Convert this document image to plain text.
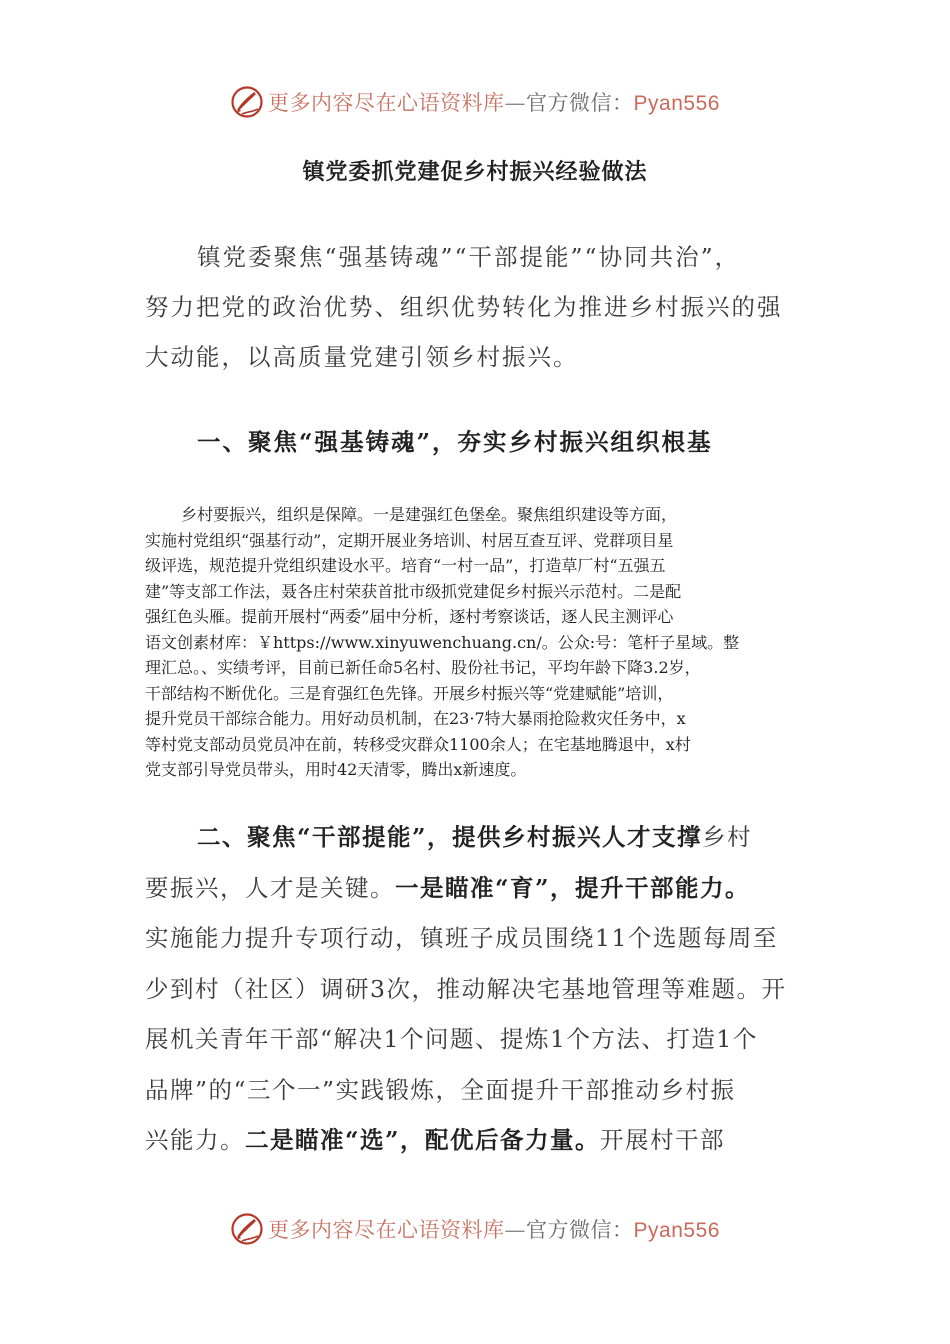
更多内容尽在心语资料库—官方微信：Pyan556
镇党委抓党建促乡村振兴经验做法

镇党委聚焦“强基铸魂”“干部提能”“协同共治”，
努力把党的政治优势、组织优势转化为推进乡村振兴的强
大动能，以高质量党建引领乡村振兴。

一、聚焦“强基铸魂”，夯实乡村振兴组织根基

乡村要振兴，组织是保障。一是建强红色堡垒。聚焦组织建设等方面，
实施村党组织“强基行动”，定期开展业务培训、村居互查互评、党群项目星
级评选，规范提升党组织建设水平。培育“一村一品”，打造草厂村“五强五
建”等支部工作法，聂各庄村荣获首批市级抓党建促乡村振兴示范村。二是配
强红色头雁。提前开展村“两委”届中分析，逐村考察谈话，逐人民主测评心
语文创素材库：￥https://www.xinyuwenchuang.cn/。公众:号：笔杆子星域。整
理汇总。、实绩考评，目前已新任命5名村、股份社书记，平均年龄下降3.2岁，
干部结构不断优化。三是育强红色先锋。开展乡村振兴等“党建赋能”培训，
提升党员干部综合能力。用好动员机制，在23·7特大暴雨抢险救灾任务中，x
等村党支部动员党员冲在前，转移受灾群众1100余人；在宅基地腾退中，x村
党支部引导党员带头，用时42天清零，腾出x新速度。

二、聚焦“干部提能”，提供乡村振兴人才支撑乡村
要振兴，人才是关键。一是瞄准“育”，提升干部能力。
实施能力提升专项行动，镇班子成员围绕11个选题每周至
少到村（社区）调研3次，推动解决宅基地管理等难题。开
展机关青年干部“解决1个问题、提炼1个方法、打造1个
品牌”的“三个一”实践锻炼，全面提升干部推动乡村振
兴能力。二是瞄准“选”，配优后备力量。开展村干部

更多内容尽在心语资料库—官方微信：Pyan556
